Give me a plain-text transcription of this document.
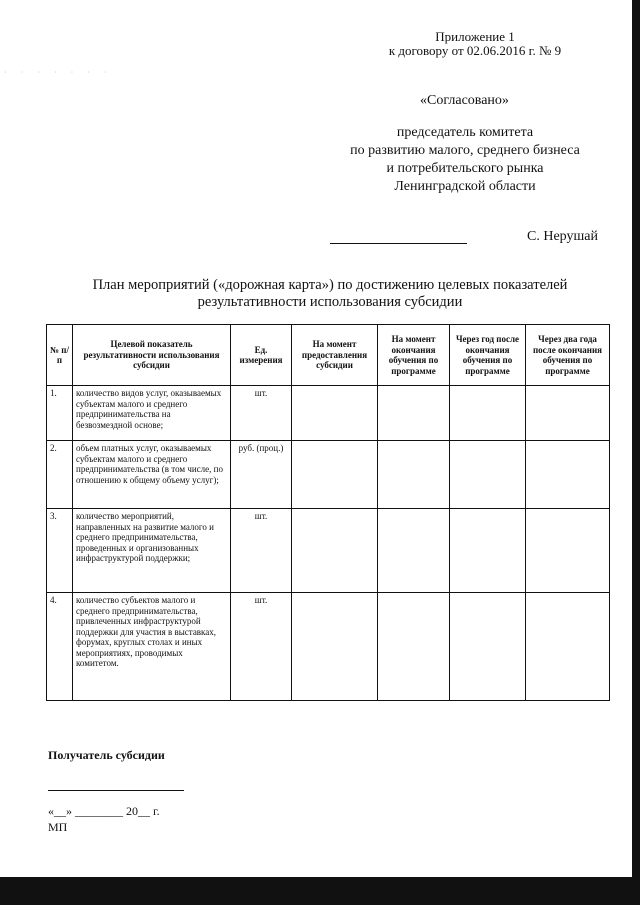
· · · · · · ·
Приложение 1
к договору от 02.06.2016 г. № 9
«Согласовано»
председатель комитета
по развитию малого, среднего бизнеса
и потребительского рынка
Ленинградской области
С. Нерушай
План мероприятий («дорожная карта») по достижению целевых показателей
результативности использования субсидии
№ п/п	Целевой показатель результативности использования субсидии	Ед. измерения	На момент предоставления субсидии	На момент окончания обучения по программе	Через год после окончания обучения по программе	Через два года после окончания обучения по программе
1.	количество видов услуг, оказываемых субъектам малого и среднего предпринимательства на безвозмездной основе;	шт.				
2.	объем платных услуг, оказываемых субъектам малого и среднего предпринимательства (в том числе, по отношению к общему объему услуг);	руб. (проц.)				
3.	количество мероприятий, направленных на развитие малого и среднего предпринимательства, проведенных и организованных инфраструктурой поддержки;	шт.				
4.	количество субъектов малого и среднего предпринимательства, привлеченных инфраструктурой поддержки для участия в выставках, форумах, круглых столах и иных мероприятиях, проводимых комитетом.	шт.				
Получатель субсидии
«__» ________ 20__ г.
МП
